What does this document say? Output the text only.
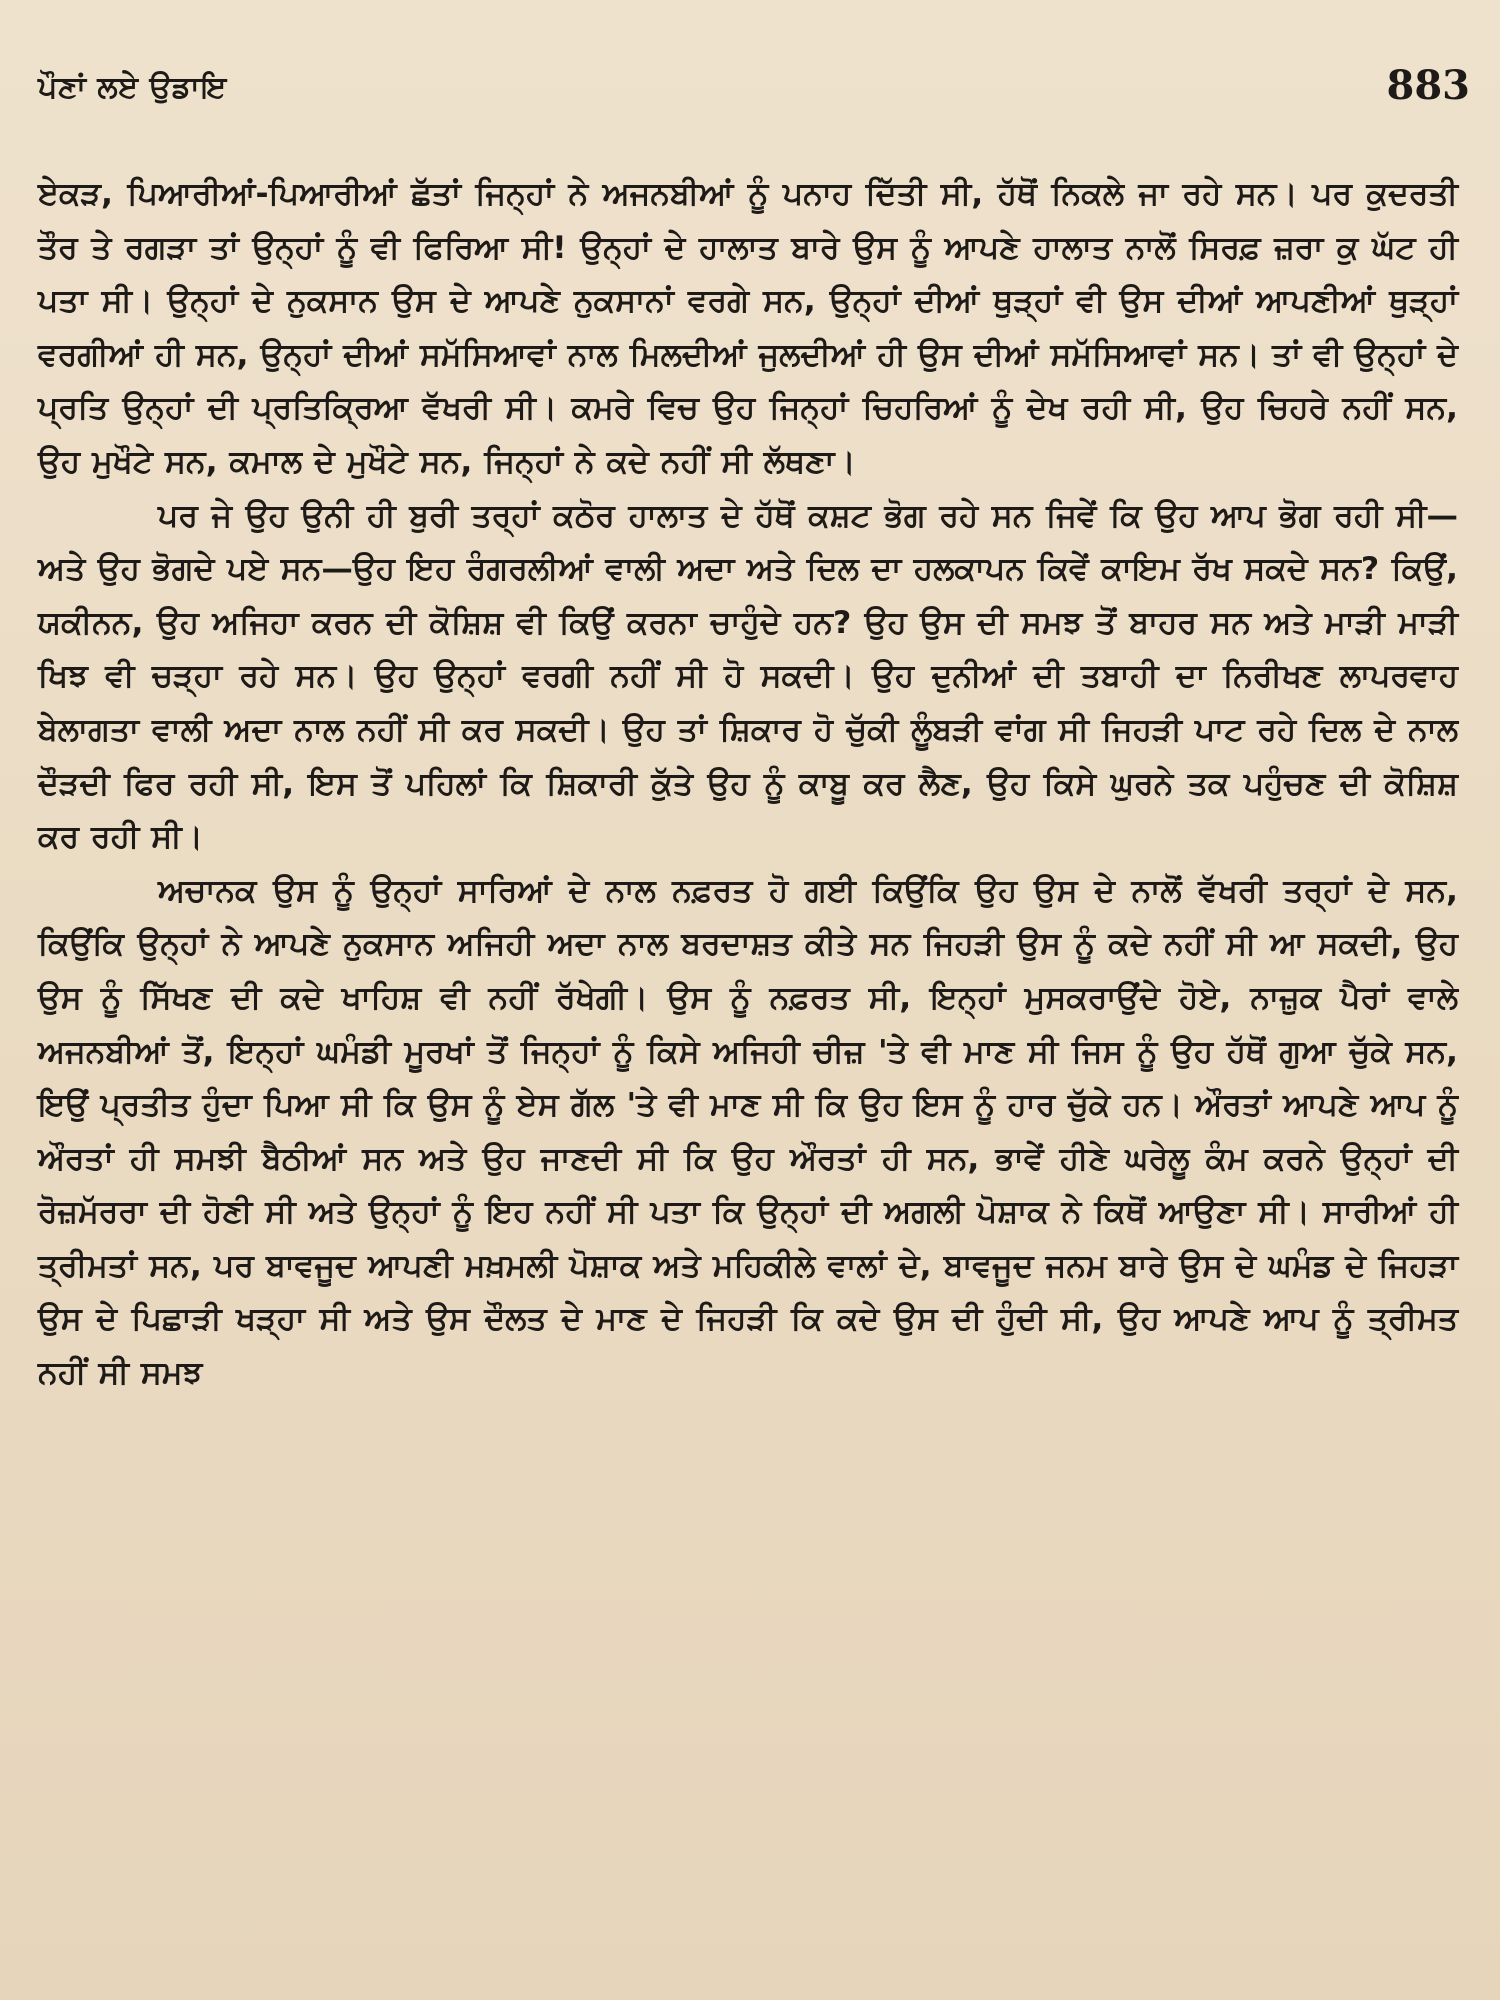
ਪੌਣਾਂ ਲਏ ਉਡਾਇ	883

ਏਕੜ, ਪਿਆਰੀਆਂ-ਪਿਆਰੀਆਂ ਛੱਤਾਂ ਜਿਨ੍ਹਾਂ ਨੇ ਅਜਨਬੀਆਂ ਨੂੰ ਪਨਾਹ ਦਿੱਤੀ ਸੀ, ਹੱਥੋਂ ਨਿਕਲੇ ਜਾ ਰਹੇ ਸਨ। ਪਰ ਕੁਦਰਤੀ ਤੌਰ ਤੇ ਰਗੜਾ ਤਾਂ ਉਨ੍ਹਾਂ ਨੂੰ ਵੀ ਫਿਰਿਆ ਸੀ! ਉਨ੍ਹਾਂ ਦੇ ਹਾਲਾਤ ਬਾਰੇ ਉਸ ਨੂੰ ਆਪਣੇ ਹਾਲਾਤ ਨਾਲੋਂ ਸਿਰਫ਼ ਜ਼ਰਾ ਕੁ ਘੱਟ ਹੀ ਪਤਾ ਸੀ। ਉਨ੍ਹਾਂ ਦੇ ਨੁਕਸਾਨ ਉਸ ਦੇ ਆਪਣੇ ਨੁਕਸਾਨਾਂ ਵਰਗੇ ਸਨ, ਉਨ੍ਹਾਂ ਦੀਆਂ ਥੁੜ੍ਹਾਂ ਵੀ ਉਸ ਦੀਆਂ ਆਪਣੀਆਂ ਥੁੜ੍ਹਾਂ ਵਰਗੀਆਂ ਹੀ ਸਨ, ਉਨ੍ਹਾਂ ਦੀਆਂ ਸਮੱਸਿਆਵਾਂ ਨਾਲ ਮਿਲਦੀਆਂ ਜੁਲਦੀਆਂ ਹੀ ਉਸ ਦੀਆਂ ਸਮੱਸਿਆਵਾਂ ਸਨ। ਤਾਂ ਵੀ ਉਨ੍ਹਾਂ ਦੇ ਪ੍ਰਤਿ ਉਨ੍ਹਾਂ ਦੀ ਪ੍ਰਤਿਕ੍ਰਿਆ ਵੱਖਰੀ ਸੀ। ਕਮਰੇ ਵਿਚ ਉਹ ਜਿਨ੍ਹਾਂ ਚਿਹਰਿਆਂ ਨੂੰ ਦੇਖ ਰਹੀ ਸੀ, ਉਹ ਚਿਹਰੇ ਨਹੀਂ ਸਨ, ਉਹ ਮੁਖੌਟੇ ਸਨ, ਕਮਾਲ ਦੇ ਮੁਖੌਟੇ ਸਨ, ਜਿਨ੍ਹਾਂ ਨੇ ਕਦੇ ਨਹੀਂ ਸੀ ਲੱਥਣਾ।

ਪਰ ਜੇ ਉਹ ਉਨੀ ਹੀ ਬੁਰੀ ਤਰ੍ਹਾਂ ਕਠੋਰ ਹਾਲਾਤ ਦੇ ਹੱਥੋਂ ਕਸ਼ਟ ਭੋਗ ਰਹੇ ਸਨ ਜਿਵੇਂ ਕਿ ਉਹ ਆਪ ਭੋਗ ਰਹੀ ਸੀ—ਅਤੇ ਉਹ ਭੋਗਦੇ ਪਏ ਸਨ—ਉਹ ਇਹ ਰੰਗਰਲੀਆਂ ਵਾਲੀ ਅਦਾ ਅਤੇ ਦਿਲ ਦਾ ਹਲਕਾਪਨ ਕਿਵੇਂ ਕਾਇਮ ਰੱਖ ਸਕਦੇ ਸਨ? ਕਿਉਂ, ਯਕੀਨਨ, ਉਹ ਅਜਿਹਾ ਕਰਨ ਦੀ ਕੋਸ਼ਿਸ਼ ਵੀ ਕਿਉਂ ਕਰਨਾ ਚਾਹੁੰਦੇ ਹਨ? ਉਹ ਉਸ ਦੀ ਸਮਝ ਤੋਂ ਬਾਹਰ ਸਨ ਅਤੇ ਮਾੜੀ ਮਾੜੀ ਖਿਝ ਵੀ ਚੜ੍ਹਾ ਰਹੇ ਸਨ। ਉਹ ਉਨ੍ਹਾਂ ਵਰਗੀ ਨਹੀਂ ਸੀ ਹੋ ਸਕਦੀ। ਉਹ ਦੁਨੀਆਂ ਦੀ ਤਬਾਹੀ ਦਾ ਨਿਰੀਖਣ ਲਾਪਰਵਾਹ ਬੇਲਾਗਤਾ ਵਾਲੀ ਅਦਾ ਨਾਲ ਨਹੀਂ ਸੀ ਕਰ ਸਕਦੀ। ਉਹ ਤਾਂ ਸ਼ਿਕਾਰ ਹੋ ਚੁੱਕੀ ਲੂੰਬੜੀ ਵਾਂਗ ਸੀ ਜਿਹੜੀ ਪਾਟ ਰਹੇ ਦਿਲ ਦੇ ਨਾਲ ਦੌੜਦੀ ਫਿਰ ਰਹੀ ਸੀ, ਇਸ ਤੋਂ ਪਹਿਲਾਂ ਕਿ ਸ਼ਿਕਾਰੀ ਕੁੱਤੇ ਉਹ ਨੂੰ ਕਾਬੂ ਕਰ ਲੈਣ, ਉਹ ਕਿਸੇ ਘੁਰਨੇ ਤਕ ਪਹੁੰਚਣ ਦੀ ਕੋਸ਼ਿਸ਼ ਕਰ ਰਹੀ ਸੀ।

ਅਚਾਨਕ ਉਸ ਨੂੰ ਉਨ੍ਹਾਂ ਸਾਰਿਆਂ ਦੇ ਨਾਲ ਨਫ਼ਰਤ ਹੋ ਗਈ ਕਿਉਂਕਿ ਉਹ ਉਸ ਦੇ ਨਾਲੋਂ ਵੱਖਰੀ ਤਰ੍ਹਾਂ ਦੇ ਸਨ, ਕਿਉਂਕਿ ਉਨ੍ਹਾਂ ਨੇ ਆਪਣੇ ਨੁਕਸਾਨ ਅਜਿਹੀ ਅਦਾ ਨਾਲ ਬਰਦਾਸ਼ਤ ਕੀਤੇ ਸਨ ਜਿਹੜੀ ਉਸ ਨੂੰ ਕਦੇ ਨਹੀਂ ਸੀ ਆ ਸਕਦੀ, ਉਹ ਉਸ ਨੂੰ ਸਿੱਖਣ ਦੀ ਕਦੇ ਖਾਹਿਸ਼ ਵੀ ਨਹੀਂ ਰੱਖੇਗੀ। ਉਸ ਨੂੰ ਨਫ਼ਰਤ ਸੀ, ਇਨ੍ਹਾਂ ਮੁਸਕਰਾਉਂਦੇ ਹੋਏ, ਨਾਜ਼ੁਕ ਪੈਰਾਂ ਵਾਲੇ ਅਜਨਬੀਆਂ ਤੋਂ, ਇਨ੍ਹਾਂ ਘਮੰਡੀ ਮੂਰਖਾਂ ਤੋਂ ਜਿਨ੍ਹਾਂ ਨੂੰ ਕਿਸੇ ਅਜਿਹੀ ਚੀਜ਼ 'ਤੇ ਵੀ ਮਾਣ ਸੀ ਜਿਸ ਨੂੰ ਉਹ ਹੱਥੋਂ ਗੁਆ ਚੁੱਕੇ ਸਨ, ਇਉਂ ਪ੍ਰਤੀਤ ਹੁੰਦਾ ਪਿਆ ਸੀ ਕਿ ਉਸ ਨੂੰ ਏਸ ਗੱਲ 'ਤੇ ਵੀ ਮਾਣ ਸੀ ਕਿ ਉਹ ਇਸ ਨੂੰ ਹਾਰ ਚੁੱਕੇ ਹਨ। ਔਰਤਾਂ ਆਪਣੇ ਆਪ ਨੂੰ ਔਰਤਾਂ ਹੀ ਸਮਝੀ ਬੈਠੀਆਂ ਸਨ ਅਤੇ ਉਹ ਜਾਣਦੀ ਸੀ ਕਿ ਉਹ ਔਰਤਾਂ ਹੀ ਸਨ, ਭਾਵੇਂ ਹੀਣੇ ਘਰੇਲੂ ਕੰਮ ਕਰਨੇ ਉਨ੍ਹਾਂ ਦੀ ਰੋਜ਼ਮੱਰਰਾ ਦੀ ਹੋਣੀ ਸੀ ਅਤੇ ਉਨ੍ਹਾਂ ਨੂੰ ਇਹ ਨਹੀਂ ਸੀ ਪਤਾ ਕਿ ਉਨ੍ਹਾਂ ਦੀ ਅਗਲੀ ਪੋਸ਼ਾਕ ਨੇ ਕਿਥੋਂ ਆਉਣਾ ਸੀ। ਸਾਰੀਆਂ ਹੀ ਤ੍ਰੀਮਤਾਂ ਸਨ, ਪਰ ਬਾਵਜੂਦ ਆਪਣੀ ਮਖ਼ਮਲੀ ਪੋਸ਼ਾਕ ਅਤੇ ਮਹਿਕੀਲੇ ਵਾਲਾਂ ਦੇ, ਬਾਵਜੂਦ ਜਨਮ ਬਾਰੇ ਉਸ ਦੇ ਘਮੰਡ ਦੇ ਜਿਹੜਾ ਉਸ ਦੇ ਪਿਛਾੜੀ ਖੜ੍ਹਾ ਸੀ ਅਤੇ ਉਸ ਦੌਲਤ ਦੇ ਮਾਣ ਦੇ ਜਿਹੜੀ ਕਿ ਕਦੇ ਉਸ ਦੀ ਹੁੰਦੀ ਸੀ, ਉਹ ਆਪਣੇ ਆਪ ਨੂੰ ਤ੍ਰੀਮਤ ਨਹੀਂ ਸੀ ਸਮਝ
